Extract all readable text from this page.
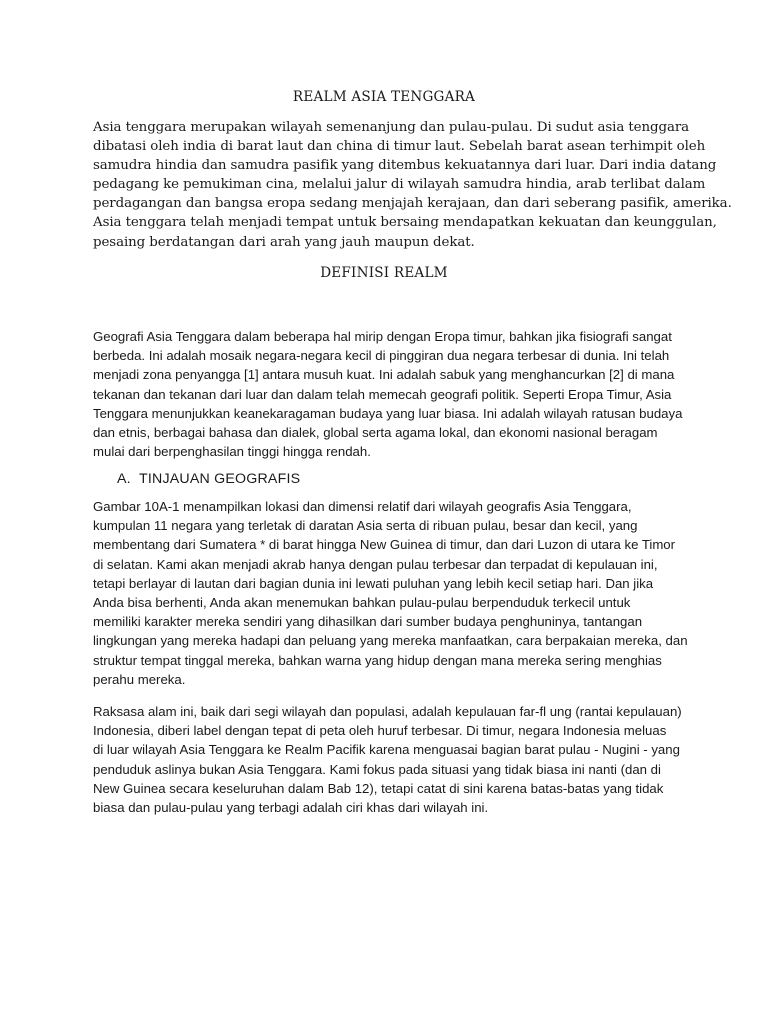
REALM ASIA TENGGARA

Asia tenggara merupakan wilayah semenanjung dan pulau-pulau. Di sudut asia tenggara
dibatasi oleh india di barat laut dan china di timur laut. Sebelah barat asean terhimpit oleh
samudra hindia dan samudra pasifik yang ditembus kekuatannya dari luar. Dari india datang
pedagang ke pemukiman cina, melalui jalur di wilayah samudra hindia, arab terlibat dalam
perdagangan dan bangsa eropa sedang menjajah kerajaan, dan dari seberang pasifik, amerika.
Asia tenggara telah menjadi tempat untuk bersaing mendapatkan kekuatan dan keunggulan,
pesaing berdatangan dari arah yang jauh maupun dekat.

DEFINISI REALM

Geografi Asia Tenggara dalam beberapa hal mirip dengan Eropa timur, bahkan jika fisiografi sangat
berbeda. Ini adalah mosaik negara-negara kecil di pinggiran dua negara terbesar di dunia. Ini telah
menjadi zona penyangga [1] antara musuh kuat. Ini adalah sabuk yang menghancurkan [2] di mana
tekanan dan tekanan dari luar dan dalam telah memecah geografi politik. Seperti Eropa Timur, Asia
Tenggara menunjukkan keanekaragaman budaya yang luar biasa. Ini adalah wilayah ratusan budaya
dan etnis, berbagai bahasa dan dialek, global serta agama lokal, dan ekonomi nasional beragam
mulai dari berpenghasilan tinggi hingga rendah.

A. TINJAUAN GEOGRAFIS

Gambar 10A-1 menampilkan lokasi dan dimensi relatif dari wilayah geografis Asia Tenggara,
kumpulan 11 negara yang terletak di daratan Asia serta di ribuan pulau, besar dan kecil, yang
membentang dari Sumatera * di barat hingga New Guinea di timur, dan dari Luzon di utara ke Timor
di selatan. Kami akan menjadi akrab hanya dengan pulau terbesar dan terpadat di kepulauan ini,
tetapi berlayar di lautan dari bagian dunia ini lewati puluhan yang lebih kecil setiap hari. Dan jika
Anda bisa berhenti, Anda akan menemukan bahkan pulau-pulau berpenduduk terkecil untuk
memiliki karakter mereka sendiri yang dihasilkan dari sumber budaya penghuninya, tantangan
lingkungan yang mereka hadapi dan peluang yang mereka manfaatkan, cara berpakaian mereka, dan
struktur tempat tinggal mereka, bahkan warna yang hidup dengan mana mereka sering menghias
perahu mereka.

Raksasa alam ini, baik dari segi wilayah dan populasi, adalah kepulauan far-fl ung (rantai kepulauan)
Indonesia, diberi label dengan tepat di peta oleh huruf terbesar. Di timur, negara Indonesia meluas
di luar wilayah Asia Tenggara ke Realm Pacifik karena menguasai bagian barat pulau - Nugini - yang
penduduk aslinya bukan Asia Tenggara. Kami fokus pada situasi yang tidak biasa ini nanti (dan di
New Guinea secara keseluruhan dalam Bab 12), tetapi catat di sini karena batas-batas yang tidak
biasa dan pulau-pulau yang terbagi adalah ciri khas dari wilayah ini.
